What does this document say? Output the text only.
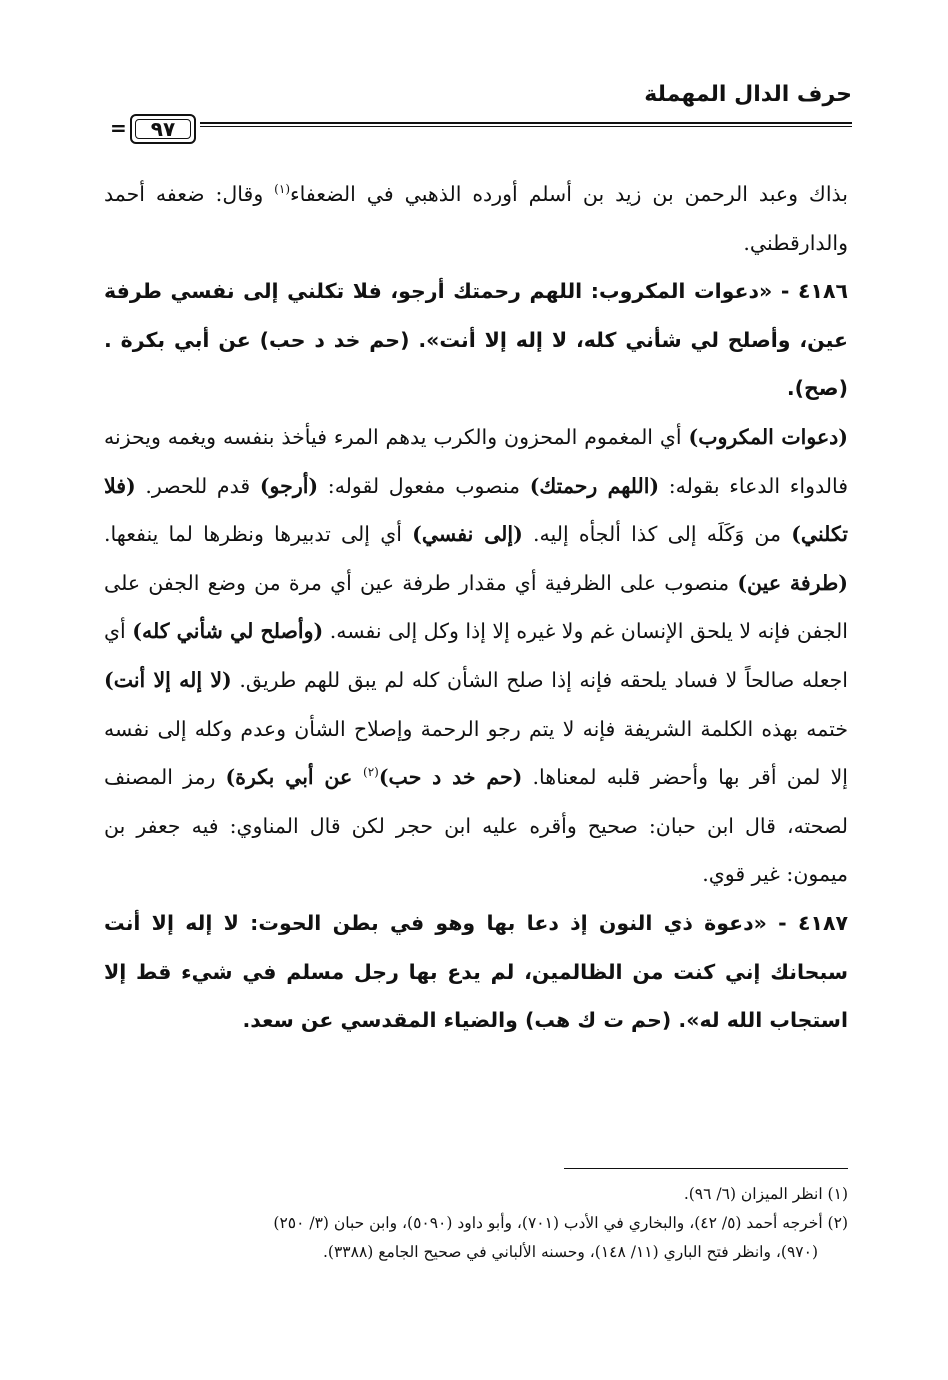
حرف الدال المهملة
= ٩٧

بذاك وعبد الرحمن بن زيد بن أسلم أورده الذهبي في الضعفاء$^{(١)}$ وقال: ضعفه أحمد والدارقطني.

٤١٨٦ - «دعوات المكروب: اللهم رحمتك أرجو، فلا تكلني إلى نفسي طرفة عين، وأصلح لي شأني كله، لا إله إلا أنت». (حم خد د حب) عن أبي بكرة .(صح).

(دعوات المكروب) أي المغموم المحزون والكرب يدهم المرء فيأخذ بنفسه ويغمه ويحزنه فالدواء الدعاء بقوله: (اللهم رحمتك) منصوب مفعول لقوله: (أرجو) قدم للحصر. (فلا تكلني) من وَكَلَه إلى كذا ألجأه إليه. (إلى نفسي) أي إلى تدبيرها ونظرها لما ينفعها. (طرفة عين) منصوب على الظرفية أي مقدار طرفة عين أي مرة من وضع الجفن على الجفن فإنه لا يلحق الإنسان غم ولا غيره إلا إذا وكل إلى نفسه. (وأصلح لي شأني كله) أي اجعله صالحاً لا فساد يلحقه فإنه إذا صلح الشأن كله لم يبق للهم طريق. (لا إله إلا أنت) ختمه بهذه الكلمة الشريفة فإنه لا يتم رجو الرحمة وإصلاح الشأن وعدم وكله إلى نفسه إلا لمن أقر بها وأحضر قلبه لمعناها. (حم خد د حب)$^{(٢)}$ عن أبي بكرة) رمز المصنف لصحته، قال ابن حبان: صحيح وأقره عليه ابن حجر لكن قال المناوي: فيه جعفر بن ميمون: غير قوي.

٤١٨٧ - «دعوة ذي النون إذ دعا بها وهو في بطن الحوت: لا إله إلا أنت سبحانك إني كنت من الظالمين، لم يدع بها رجل مسلم في شيء قط إلا استجاب الله له». (حم ت ك هب) والضياء المقدسي عن سعد.

(١) انظر الميزان (٦/ ٩٦).

(٢) أخرجه أحمد (٥/ ٤٢)، والبخاري في الأدب (٧٠١)، وأبو داود (٥٠٩٠)، وابن حبان (٣/ ٢٥٠)

(٩٧٠)، وانظر فتح الباري (١١/ ١٤٨)، وحسنه الألباني في صحيح الجامع (٣٣٨٨).
